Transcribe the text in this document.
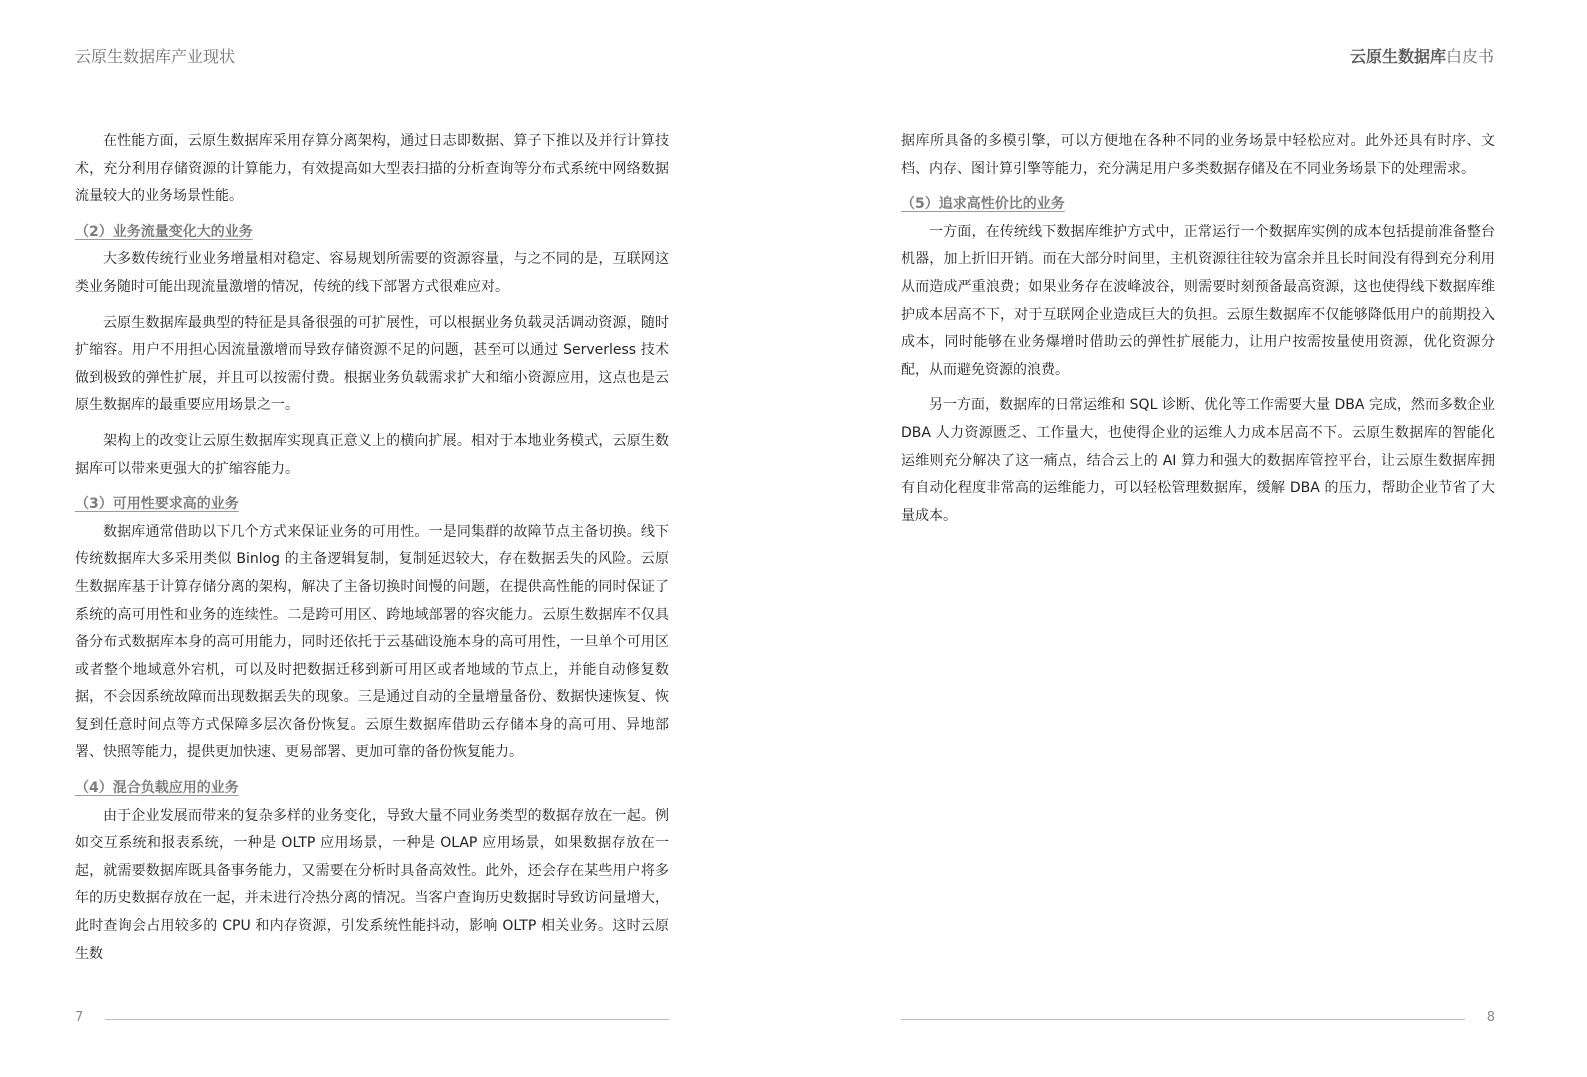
云原生数据库产业现状

在性能方面，云原生数据库采用存算分离架构，通过日志即数据、算子下推以及并行计算技术，充分利用存储资源的计算能力，有效提高如大型表扫描的分析查询等分布式系统中网络数据流量较大的业务场景性能。

（2）业务流量变化大的业务

大多数传统行业业务增量相对稳定、容易规划所需要的资源容量，与之不同的是，互联网这类业务随时可能出现流量激增的情况，传统的线下部署方式很难应对。

云原生数据库最典型的特征是具备很强的可扩展性，可以根据业务负载灵活调动资源，随时扩缩容。用户不用担心因流量激增而导致存储资源不足的问题，甚至可以通过 Serverless 技术做到极致的弹性扩展，并且可以按需付费。根据业务负载需求扩大和缩小资源应用，这点也是云原生数据库的最重要应用场景之一。

架构上的改变让云原生数据库实现真正意义上的横向扩展。相对于本地业务模式，云原生数据库可以带来更强大的扩缩容能力。

（3）可用性要求高的业务

数据库通常借助以下几个方式来保证业务的可用性。一是同集群的故障节点主备切换。线下传统数据库大多采用类似 Binlog 的主备逻辑复制，复制延迟较大，存在数据丢失的风险。云原生数据库基于计算存储分离的架构，解决了主备切换时间慢的问题，在提供高性能的同时保证了系统的高可用性和业务的连续性。二是跨可用区、跨地域部署的容灾能力。云原生数据库不仅具备分布式数据库本身的高可用能力，同时还依托于云基础设施本身的高可用性，一旦单个可用区或者整个地域意外宕机，可以及时把数据迁移到新可用区或者地域的节点上，并能自动修复数据，不会因系统故障而出现数据丢失的现象。三是通过自动的全量增量备份、数据快速恢复、恢复到任意时间点等方式保障多层次备份恢复。云原生数据库借助云存储本身的高可用、异地部署、快照等能力，提供更加快速、更易部署、更加可靠的备份恢复能力。

（4）混合负载应用的业务

由于企业发展而带来的复杂多样的业务变化，导致大量不同业务类型的数据存放在一起。例如交互系统和报表系统，一种是 OLTP 应用场景，一种是 OLAP 应用场景，如果数据存放在一起，就需要数据库既具备事务能力，又需要在分析时具备高效性。此外，还会存在某些用户将多年的历史数据存放在一起，并未进行冷热分离的情况。当客户查询历史数据时导致访问量增大，此时查询会占用较多的 CPU 和内存资源，引发系统性能抖动，影响 OLTP 相关业务。这时云原生数

7
云原生数据库白皮书

据库所具备的多模引擎，可以方便地在各种不同的业务场景中轻松应对。此外还具有时序、文档、内存、图计算引擎等能力，充分满足用户多类数据存储及在不同业务场景下的处理需求。

（5）追求高性价比的业务

一方面，在传统线下数据库维护方式中，正常运行一个数据库实例的成本包括提前准备整台机器，加上折旧开销。而在大部分时间里，主机资源往往较为富余并且长时间没有得到充分利用从而造成严重浪费；如果业务存在波峰波谷，则需要时刻预备最高资源，这也使得线下数据库维护成本居高不下，对于互联网企业造成巨大的负担。云原生数据库不仅能够降低用户的前期投入成本，同时能够在业务爆增时借助云的弹性扩展能力，让用户按需按量使用资源，优化资源分配，从而避免资源的浪费。

另一方面，数据库的日常运维和 SQL 诊断、优化等工作需要大量 DBA 完成，然而多数企业 DBA 人力资源匮乏、工作量大，也使得企业的运维人力成本居高不下。云原生数据库的智能化运维则充分解决了这一痛点，结合云上的 AI 算力和强大的数据库管控平台，让云原生数据库拥有自动化程度非常高的运维能力，可以轻松管理数据库，缓解 DBA 的压力，帮助企业节省了大量成本。

8
